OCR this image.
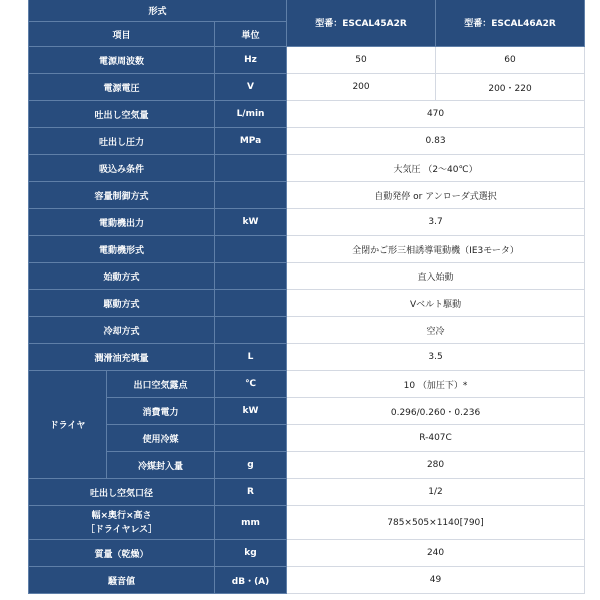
形式			型番：ESCAL45A2R 型番：ESCAL46A2R	

項目		単位		
電源周波数		Hz	50	60
電源電圧		V	200	200・220
吐出し空気量		L/min	470	
吐出し圧力		MPa	0.83	
吸込み条件			大気圧 （2～40℃）	
容量制御方式			自動発停 or アンローダ式選択	
電動機出力		kW	3.7	
電動機形式			全閉かご形三相誘導電動機（IE3モータ）	
始動方式			直入始動	
駆動方式			Vベルト駆動	
冷却方式			空冷	
潤滑油充填量		L	3.5	
ドライヤ	出口空気露点	℃	10 （加圧下）*	
	消費電力	kW	0.296/0.260・0.236	
	使用冷媒		R-407C	
	冷媒封入量	g	280	
吐出し空気口径		R	1/2	
幅×奥行×高さ
［ドライヤレス］		mm	785×505×1140[790]	
質量（乾燥）		kg	240	
騒音値		dB・(A)	49	
